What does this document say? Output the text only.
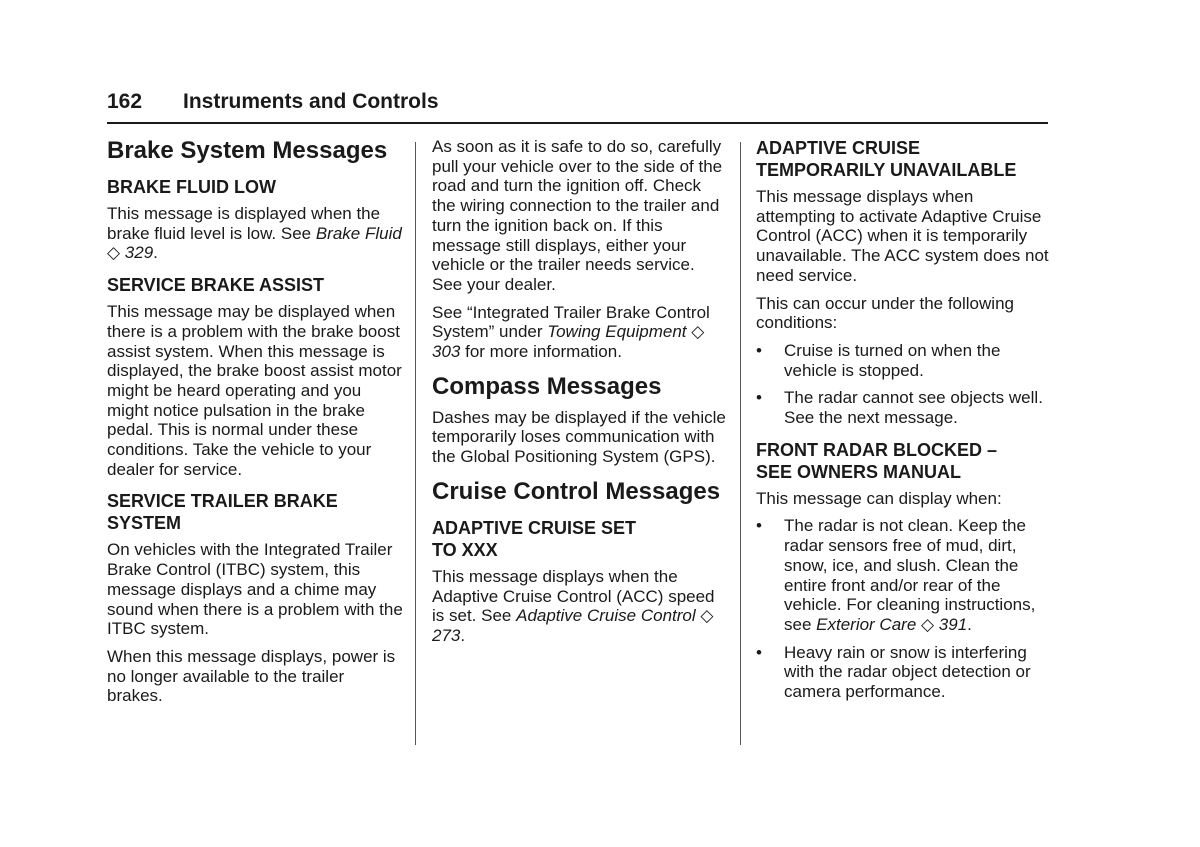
162 Instruments and Controls
Brake System Messages
BRAKE FLUID LOW

This message is displayed when the brake fluid level is low. See Brake Fluid ◇ 329.

SERVICE BRAKE ASSIST

This message may be displayed when there is a problem with the brake boost assist system. When this message is displayed, the brake boost assist motor might be heard operating and you might notice pulsation in the brake pedal. This is normal under these conditions. Take the vehicle to your dealer for service.

SERVICE TRAILER BRAKE
SYSTEM

On vehicles with the Integrated Trailer Brake Control (ITBC) system, this message displays and a chime may sound when there is a problem with the ITBC system.

When this message displays, power is no longer available to the trailer brakes.

As soon as it is safe to do so, carefully pull your vehicle over to the side of the road and turn the ignition off. Check the wiring connection to the trailer and turn the ignition back on. If this message still displays, either your vehicle or the trailer needs service. See your dealer.

See “Integrated Trailer Brake Control System” under Towing Equipment ◇ 303 for more information.

Compass Messages

Dashes may be displayed if the vehicle temporarily loses communication with the Global Positioning System (GPS).

Cruise Control Messages
ADAPTIVE CRUISE SET
TO XXX

This message displays when the Adaptive Cruise Control (ACC) speed is set. See Adaptive Cruise Control ◇ 273.

ADAPTIVE CRUISE
TEMPORARILY UNAVAILABLE

This message displays when attempting to activate Adaptive Cruise Control (ACC) when it is temporarily unavailable. The ACC system does not need service.

This can occur under the following conditions:

• Cruise is turned on when the vehicle is stopped.
• The radar cannot see objects well. See the next message.
FRONT RADAR BLOCKED –
SEE OWNERS MANUAL

This message can display when:

• The radar is not clean. Keep the radar sensors free of mud, dirt, snow, ice, and slush. Clean the entire front and/or rear of the vehicle. For cleaning instructions, see Exterior Care ◇ 391.
• Heavy rain or snow is interfering with the radar object detection or camera performance.
